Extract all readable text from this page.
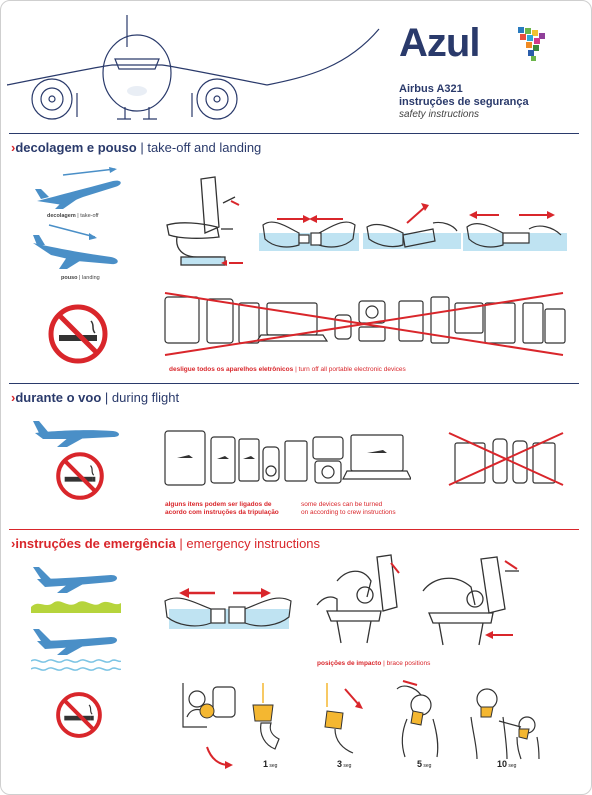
Azul
Airbus A321
instruções de segurança
safety instructions
›decolagem e pouso | take-off and landing
decolagem | take-off
pouso | landing
desligue todos os aparelhos eletrônicos | turn off all portable electronic devices
›durante o voo | during flight
alguns itens podem ser ligados de
acordo com instruções da tripulação
some devices can be turned
on according to crew instructions
›instruções de emergência | emergency instructions
posições de impacto | brace positions
1 seg	3 seg	5 seg	10 seg
